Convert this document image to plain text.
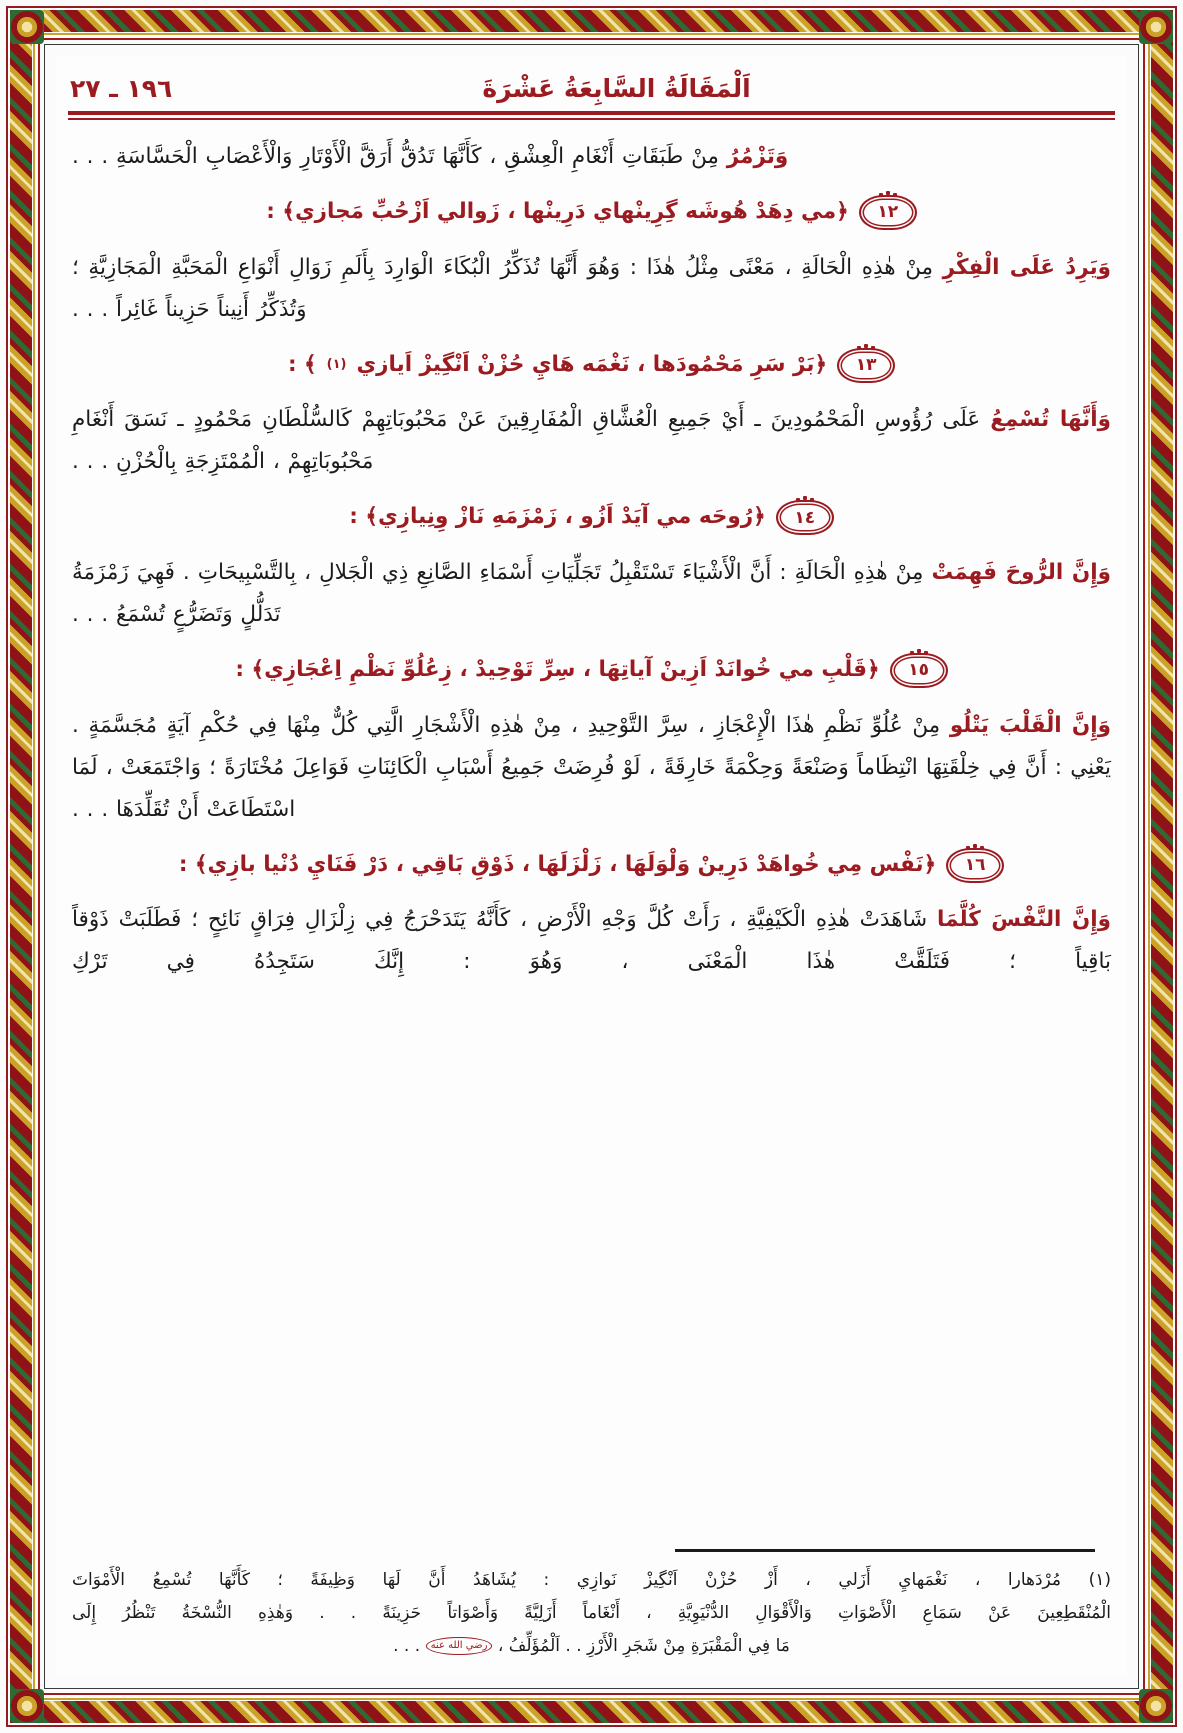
اَلْمَقَالَةُ السَّابِعَةُ عَشْرَةَ
١٩٦ ـ ٢٧

وَتَزْمُرُ مِنْ طَبَقَاتِ أَنْغَامِ الْعِشْقِ ، كَأَنَّهَا تَدُقُّ أَرَقَّ الْأَوْتَارِ وَالْأَعْصَابِ الْحَسَّاسَةِ . . .

١٢
﴿مي دِهَدْ هُوشَه گِرِينْهاي دَرِينْها ، زَوالي اَزْحُبِّ مَجازي﴾ :

وَيَرِدُ عَلَى الْفِكْرِ مِنْ هٰذِهِ الْحَالَةِ ، مَعْنًى مِثْلُ هٰذَا : وَهُوَ أَنَّهَا تُذَكِّرُ الْبُكَاءَ الْوَارِدَ بِأَلَمِ زَوَالِ أَنْوَاعِ الْمَحَبَّةِ الْمَجَازِيَّةِ ؛ وَتُذَكِّرُ أَنِيناً حَزِيناً غَائِراً . . .

١٣
﴿بَرْ سَرِ مَحْمُودَها ، نَغْمَه هَايِ حُزْنْ اَنْگِيزْ اَيازي
(١)
﴾ :

وَأَنَّهَا تُسْمِعُ عَلَى رُؤُوسِ الْمَحْمُودِينَ ـ أَيْ جَمِيعِ الْعُشَّاقِ الْمُفَارِقِينَ عَنْ مَحْبُوبَاتِهِمْ كَالسُّلْطَانِ مَحْمُودٍ ـ نَسَقَ أَنْغَامِ مَحْبُوبَاتِهِمْ ، الْمُمْتَزِجَةِ بِالْحُزْنِ . . .

١٤
﴿رُوحَه مي آيَدْ اَزُو ، زَمْزَمَهِ نَازْ وِنِيازِي﴾ :

وَإِنَّ الرُّوحَ فَهِمَتْ مِنْ هٰذِهِ الْحَالَةِ : أَنَّ الْأَشْيَاءَ تَسْتَقْبِلُ تَجَلِّيَاتِ أَسْمَاءِ الصَّانِعِ ذِي الْجَلالِ ، بِالتَّسْبِيحَاتِ . فَهِيَ زَمْزَمَةُ تَدَلُّلٍ وَتَضَرُّعٍ تُسْمَعُ . . .

١٥
﴿قَلْبِ مي خُوانَدْ اَزِينْ آياتِهَا ، سِرِّ تَوْحِيدْ ، زِعُلُوِّ نَظْمِ اِعْجَازِي﴾ :

وَإِنَّ الْقَلْبَ يَتْلُو مِنْ عُلُوِّ نَظْمِ هٰذَا الْإِعْجَازِ ، سِرَّ التَّوْحِيدِ ، مِنْ هٰذِهِ الْأَشْجَارِ الَّتِي كُلٌّ مِنْهَا فِي حُكْمِ آيَةٍ مُجَسَّمَةٍ . يَعْنِي : أَنَّ فِي خِلْقَتِهَا انْتِظَاماً وَصَنْعَةً وَحِكْمَةً خَارِقَةً ، لَوْ فُرِضَتْ جَمِيعُ أَسْبَابِ الْكَائِنَاتِ فَوَاعِلَ مُخْتَارَةً ؛ وَاجْتَمَعَتْ ، لَمَا اسْتَطَاعَتْ أَنْ تُقَلِّدَهَا . . .

١٦
﴿نَفْس مِي خُواهَدْ دَرِينْ وَلْوَلَهَا ، زَلْزَلَهَا ، ذَوْقِ بَاقِي ، دَرْ فَنَايِ دُنْيا بازِي﴾ :

وَإِنَّ النَّفْسَ كُلَّمَا شَاهَدَتْ هٰذِهِ الْكَيْفِيَّةِ ، رَأَتْ كُلَّ وَجْهِ الْأَرْضِ ، كَأَنَّهُ يَتَدَحْرَجُ فِي زِلْزَالِ فِرَاقٍ نَائِحٍ ؛ فَطَلَبَتْ ذَوْقاً بَاقِياً ؛ فَتَلَقَّتْ هٰذَا الْمَعْنَى ، وَهُوَ : إِنَّكَ سَتَجِدُهُ فِي تَرْكِ

(١) مُرْدَهارا ، نَغْمَهايِ أَزَلي ، أَزْ حُزْنْ اَنْگِيزْ نَوازِي : يُشَاهَدُ أَنَّ لَهَا وَظِيفَةً ؛ كَأَنَّهَا تُسْمِعُ الْأَمْوَاتَ

الْمُنْقَطِعِينَ عَنْ سَمَاعِ الْأَصْوَاتِ وَالْأَقْوَالِ الدُّنْيَوِيَّةِ ، أَنْغَاماً أَزَلِيَّةً وَأَصْوَاتاً حَزِينَةً . . وَهٰذِهِ النُّسْخَةُ تَنْظُرُ إِلَى

مَا فِي الْمَقْبَرَةِ مِنْ شَجَرِ الْأَرْزِ . . اَلْمُؤَلِّفُ ، رضي الله عنه . . .
